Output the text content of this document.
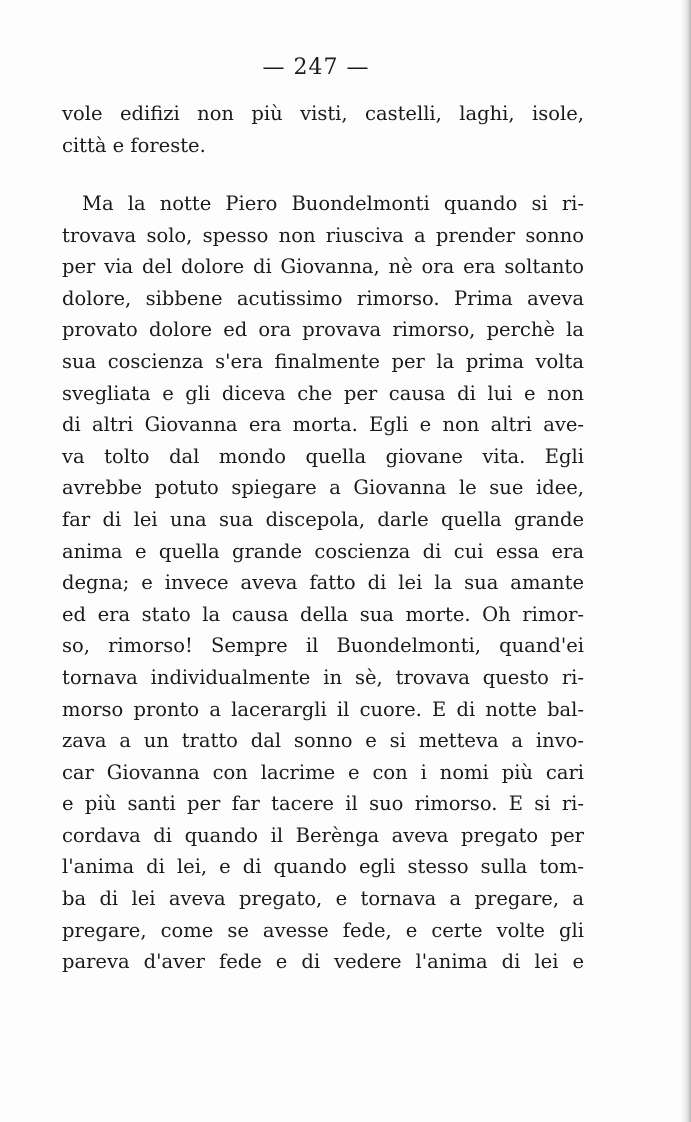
— 247 —
vole edifizi non più visti, castelli, laghi, isole,
città e foreste.
Ma la notte Piero Buondelmonti quando si ri-
trovava solo, spesso non riusciva a prender sonno
per via del dolore di Giovanna, nè ora era soltanto
dolore, sibbene acutissimo rimorso. Prima aveva
provato dolore ed ora provava rimorso, perchè la
sua coscienza s'era finalmente per la prima volta
svegliata e gli diceva che per causa di lui e non
di altri Giovanna era morta. Egli e non altri ave-
va tolto dal mondo quella giovane vita. Egli
avrebbe potuto spiegare a Giovanna le sue idee,
far di lei una sua discepola, darle quella grande
anima e quella grande coscienza di cui essa era
degna; e invece aveva fatto di lei la sua amante
ed era stato la causa della sua morte. Oh rimor-
so, rimorso! Sempre il Buondelmonti, quand'ei
tornava individualmente in sè, trovava questo ri-
morso pronto a lacerargli il cuore. E di notte bal-
zava a un tratto dal sonno e si metteva a invo-
car Giovanna con lacrime e con i nomi più cari
e più santi per far tacere il suo rimorso. E si ri-
cordava di quando il Berènga aveva pregato per
l'anima di lei, e di quando egli stesso sulla tom-
ba di lei aveva pregato, e tornava a pregare, a
pregare, come se avesse fede, e certe volte gli
pareva d'aver fede e di vedere l'anima di lei e
